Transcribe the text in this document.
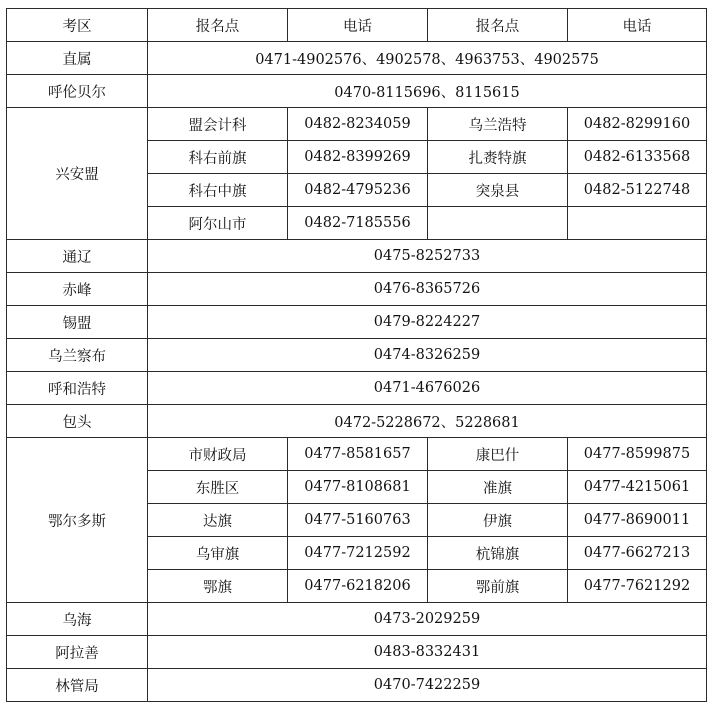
考区	报名点	电话	报名点	电话
直属	0471-4902576、4902578、4963753、4902575			
呼伦贝尔	0470-8115696、8115615			
兴安盟	盟会计科	0482-8234059	乌兰浩特	0482-8299160
	科右前旗	0482-8399269	扎赉特旗	0482-6133568
	科右中旗	0482-4795236	突泉县	0482-5122748
	阿尔山市	0482-7185556		
通辽	0475-8252733			
赤峰	0476-8365726			
锡盟	0479-8224227			
乌兰察布	0474-8326259			
呼和浩特	0471-4676026			
包头	0472-5228672、5228681			
鄂尔多斯	市财政局	0477-8581657	康巴什	0477-8599875
	东胜区	0477-8108681	准旗	0477-4215061
	达旗	0477-5160763	伊旗	0477-8690011
	乌审旗	0477-7212592	杭锦旗	0477-6627213
	鄂旗	0477-6218206	鄂前旗	0477-7621292
乌海	0473-2029259			
阿拉善	0483-8332431			
林管局	0470-7422259			
